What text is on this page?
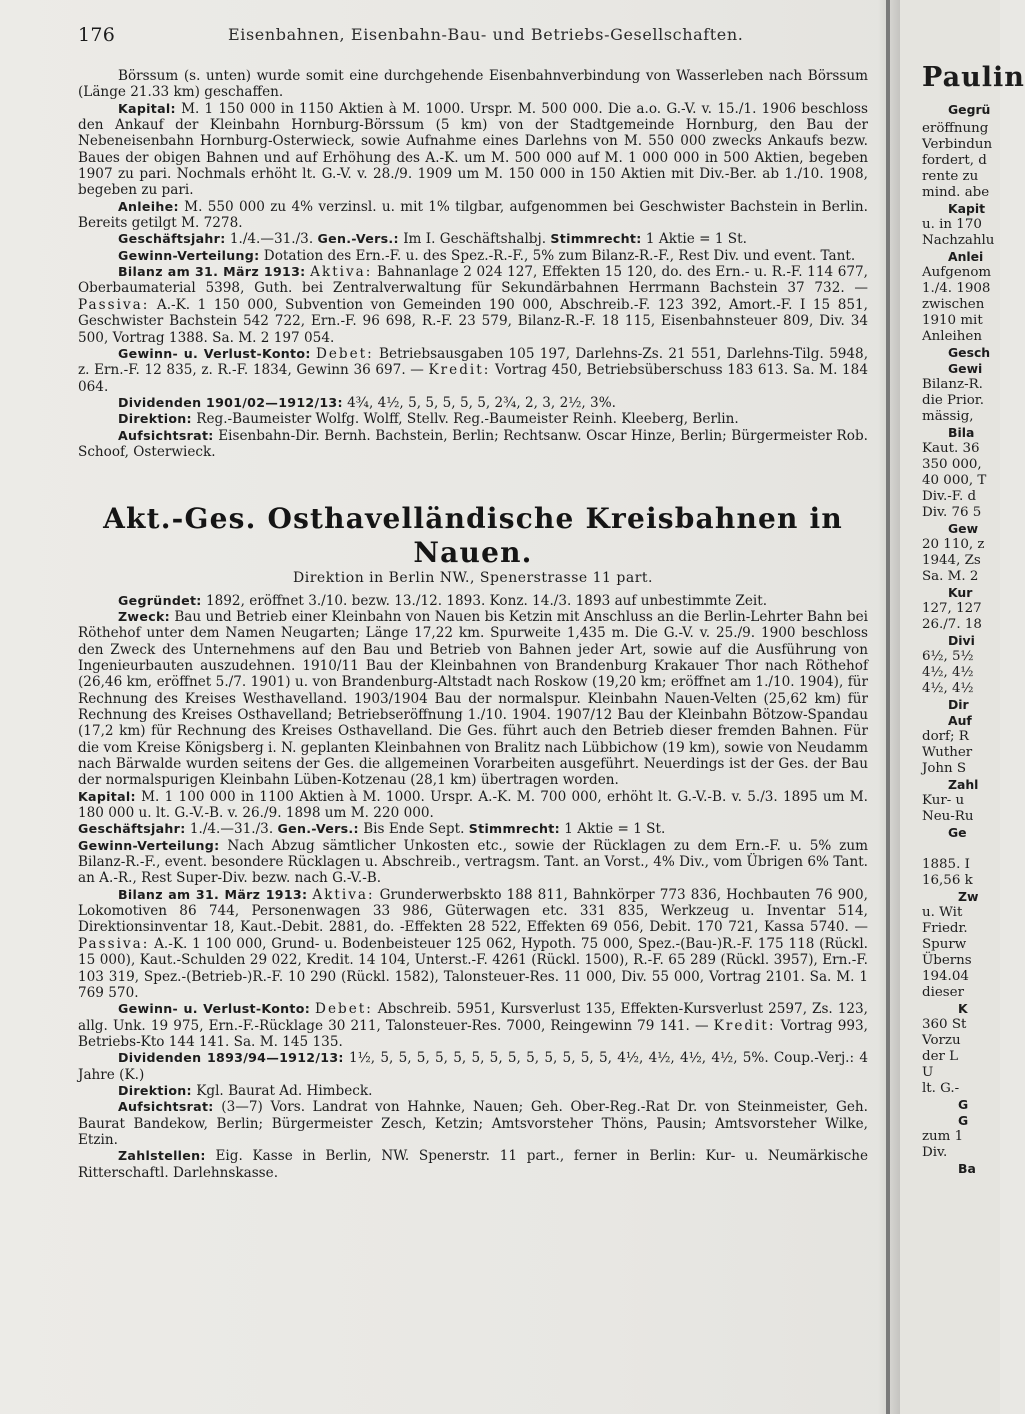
176	Eisenbahnen, Eisenbahn-Bau- und Betriebs-Gesellschaften.

Börssum (s. unten) wurde somit eine durchgehende Eisenbahnverbindung von Wasserleben nach Börssum (Länge 21.33 km) geschaffen.

Kapital: M. 1 150 000 in 1150 Aktien à M. 1000. Urspr. M. 500 000. Die a.o. G.-V. v. 15./1. 1906 beschloss den Ankauf der Kleinbahn Hornburg-Börssum (5 km) von der Stadtgemeinde Hornburg, den Bau der Nebeneisenbahn Hornburg-Osterwieck, sowie Aufnahme eines Darlehns von M. 550 000 zwecks Ankaufs bezw. Baues der obigen Bahnen und auf Erhöhung des A.-K. um M. 500 000 auf M. 1 000 000 in 500 Aktien, begeben 1907 zu pari. Nochmals erhöht lt. G.-V. v. 28./9. 1909 um M. 150 000 in 150 Aktien mit Div.-Ber. ab 1./10. 1908, begeben zu pari.

Anleihe: M. 550 000 zu 4% verzinsl. u. mit 1% tilgbar, aufgenommen bei Geschwister Bachstein in Berlin. Bereits getilgt M. 7278.

Geschäftsjahr: 1./4.—31./3. Gen.-Vers.: Im I. Geschäftshalbj. Stimmrecht: 1 Aktie = 1 St.

Gewinn-Verteilung: Dotation des Ern.-F. u. des Spez.-R.-F., 5% zum Bilanz-R.-F., Rest Div. und event. Tant.

Bilanz am 31. März 1913: Aktiva: Bahnanlage 2 024 127, Effekten 15 120, do. des Ern.- u. R.-F. 114 677, Oberbaumaterial 5398, Guth. bei Zentralverwaltung für Sekundärbahnen Herrmann Bachstein 37 732. — Passiva: A.-K. 1 150 000, Subvention von Gemeinden 190 000, Abschreib.-F. 123 392, Amort.-F. I 15 851, Geschwister Bachstein 542 722, Ern.-F. 96 698, R.-F. 23 579, Bilanz-R.-F. 18 115, Eisenbahnsteuer 809, Div. 34 500, Vortrag 1388. Sa. M. 2 197 054.

Gewinn- u. Verlust-Konto: Debet: Betriebsausgaben 105 197, Darlehns-Zs. 21 551, Darlehns-Tilg. 5948, z. Ern.-F. 12 835, z. R.-F. 1834, Gewinn 36 697. — Kredit: Vortrag 450, Betriebsüberschuss 183 613. Sa. M. 184 064.

Dividenden 1901/02—1912/13: 4¾, 4½, 5, 5, 5, 5, 5, 2¾, 2, 3, 2½, 3%.

Direktion: Reg.-Baumeister Wolfg. Wolff, Stellv. Reg.-Baumeister Reinh. Kleeberg, Berlin.

Aufsichtsrat: Eisenbahn-Dir. Bernh. Bachstein, Berlin; Rechtsanw. Oscar Hinze, Berlin; Bürgermeister Rob. Schoof, Osterwieck.

Akt.-Ges. Osthavelländische Kreisbahnen in Nauen.

Direktion in Berlin NW., Spenerstrasse 11 part.

Gegründet: 1892, eröffnet 3./10. bezw. 13./12. 1893. Konz. 14./3. 1893 auf unbestimmte Zeit.

Zweck: Bau und Betrieb einer Kleinbahn von Nauen bis Ketzin mit Anschluss an die Berlin-Lehrter Bahn bei Röthehof unter dem Namen Neugarten; Länge 17,22 km. Spurweite 1,435 m. Die G.-V. v. 25./9. 1900 beschloss den Zweck des Unternehmens auf den Bau und Betrieb von Bahnen jeder Art, sowie auf die Ausführung von Ingenieurbauten auszudehnen. 1910/11 Bau der Kleinbahnen von Brandenburg Krakauer Thor nach Röthehof (26,46 km, eröffnet 5./7. 1901) u. von Brandenburg-Altstadt nach Roskow (19,20 km; eröffnet am 1./10. 1904), für Rechnung des Kreises Westhavelland. 1903/1904 Bau der normalspur. Kleinbahn Nauen-Velten (25,62 km) für Rechnung des Kreises Osthavelland; Betriebseröffnung 1./10. 1904. 1907/12 Bau der Kleinbahn Bötzow-Spandau (17,2 km) für Rechnung des Kreises Osthavelland. Die Ges. führt auch den Betrieb dieser fremden Bahnen. Für die vom Kreise Königsberg i. N. geplanten Kleinbahnen von Bralitz nach Lübbichow (19 km), sowie von Neudamm nach Bärwalde wurden seitens der Ges. die allgemeinen Vorarbeiten ausgeführt. Neuerdings ist der Ges. der Bau der normalspurigen Kleinbahn Lüben-Kotzenau (28,1 km) übertragen worden.

Kapital: M. 1 100 000 in 1100 Aktien à M. 1000. Urspr. A.-K. M. 700 000, erhöht lt. G.-V.-B. v. 5./3. 1895 um M. 180 000 u. lt. G.-V.-B. v. 26./9. 1898 um M. 220 000.

Geschäftsjahr: 1./4.—31./3. Gen.-Vers.: Bis Ende Sept. Stimmrecht: 1 Aktie = 1 St.

Gewinn-Verteilung: Nach Abzug sämtlicher Unkosten etc., sowie der Rücklagen zu dem Ern.-F. u. 5% zum Bilanz-R.-F., event. besondere Rücklagen u. Abschreib., vertragsm. Tant. an Vorst., 4% Div., vom Übrigen 6% Tant. an A.-R., Rest Super-Div. bezw. nach G.-V.-B.

Bilanz am 31. März 1913: Aktiva: Grunderwerbskto 188 811, Bahnkörper 773 836, Hochbauten 76 900, Lokomotiven 86 744, Personenwagen 33 986, Güterwagen etc. 331 835, Werkzeug u. Inventar 514, Direktionsinventar 18, Kaut.-Debit. 2881, do. -Effekten 28 522, Effekten 69 056, Debit. 170 721, Kassa 5740. — Passiva: A.-K. 1 100 000, Grund- u. Bodenbeisteuer 125 062, Hypoth. 75 000, Spez.-(Bau-)R.-F. 175 118 (Rückl. 15 000), Kaut.-Schulden 29 022, Kredit. 14 104, Unterst.-F. 4261 (Rückl. 1500), R.-F. 65 289 (Rückl. 3957), Ern.-F. 103 319, Spez.-(Betrieb-)R.-F. 10 290 (Rückl. 1582), Talonsteuer-Res. 11 000, Div. 55 000, Vortrag 2101. Sa. M. 1 769 570.

Gewinn- u. Verlust-Konto: Debet: Abschreib. 5951, Kursverlust 135, Effekten-Kursverlust 2597, Zs. 123, allg. Unk. 19 975, Ern.-F.-Rücklage 30 211, Talonsteuer-Res. 7000, Reingewinn 79 141. — Kredit: Vortrag 993, Betriebs-Kto 144 141. Sa. M. 145 135.

Dividenden 1893/94—1912/13: 1½, 5, 5, 5, 5, 5, 5, 5, 5, 5, 5, 5, 5, 5, 4½, 4½, 4½, 4½, 5%. Coup.-Verj.: 4 Jahre (K.)

Direktion: Kgl. Baurat Ad. Himbeck.

Aufsichtsrat: (3—7) Vors. Landrat von Hahnke, Nauen; Geh. Ober-Reg.-Rat Dr. von Steinmeister, Geh. Baurat Bandekow, Berlin; Bürgermeister Zesch, Ketzin; Amtsvorsteher Thöns, Pausin; Amtsvorsteher Wilke, Etzin.

Zahlstellen: Eig. Kasse in Berlin, NW. Spenerstr. 11 part., ferner in Berlin: Kur- u. Neumärkische Ritterschaftl. Darlehnskasse.

Paulin
Gegrü
eröffnung
Verbindun
fordert, d
rente zu
mind. abe
Kapit
u. in 170
Nachzahlu
Anlei
Aufgenom
1./4. 1908
zwischen
1910 mit
Anleihen
Gesch
Gewi
Bilanz-R.
die Prior.
mässig,
Bila
Kaut. 36
350 000,
40 000, T
Div.-F. d
Div. 76 5
Gew
20 110, z
1944, Zs
Sa. M. 2
Kur
127, 127
26./7. 18
Divi
6½, 5½
4½, 4½
4½, 4½
Dir
Auf
dorf; R
Wuther
John S
Zahl
Kur- u
Neu-Ru
Ge
1885. I
16,56 k
Zw
u. Wit
Friedr.
Spurw
Überns
194.04
dieser
K
360 St
Vorzu
der L
U
lt. G.-
G
G
zum 1
Div.
Ba
